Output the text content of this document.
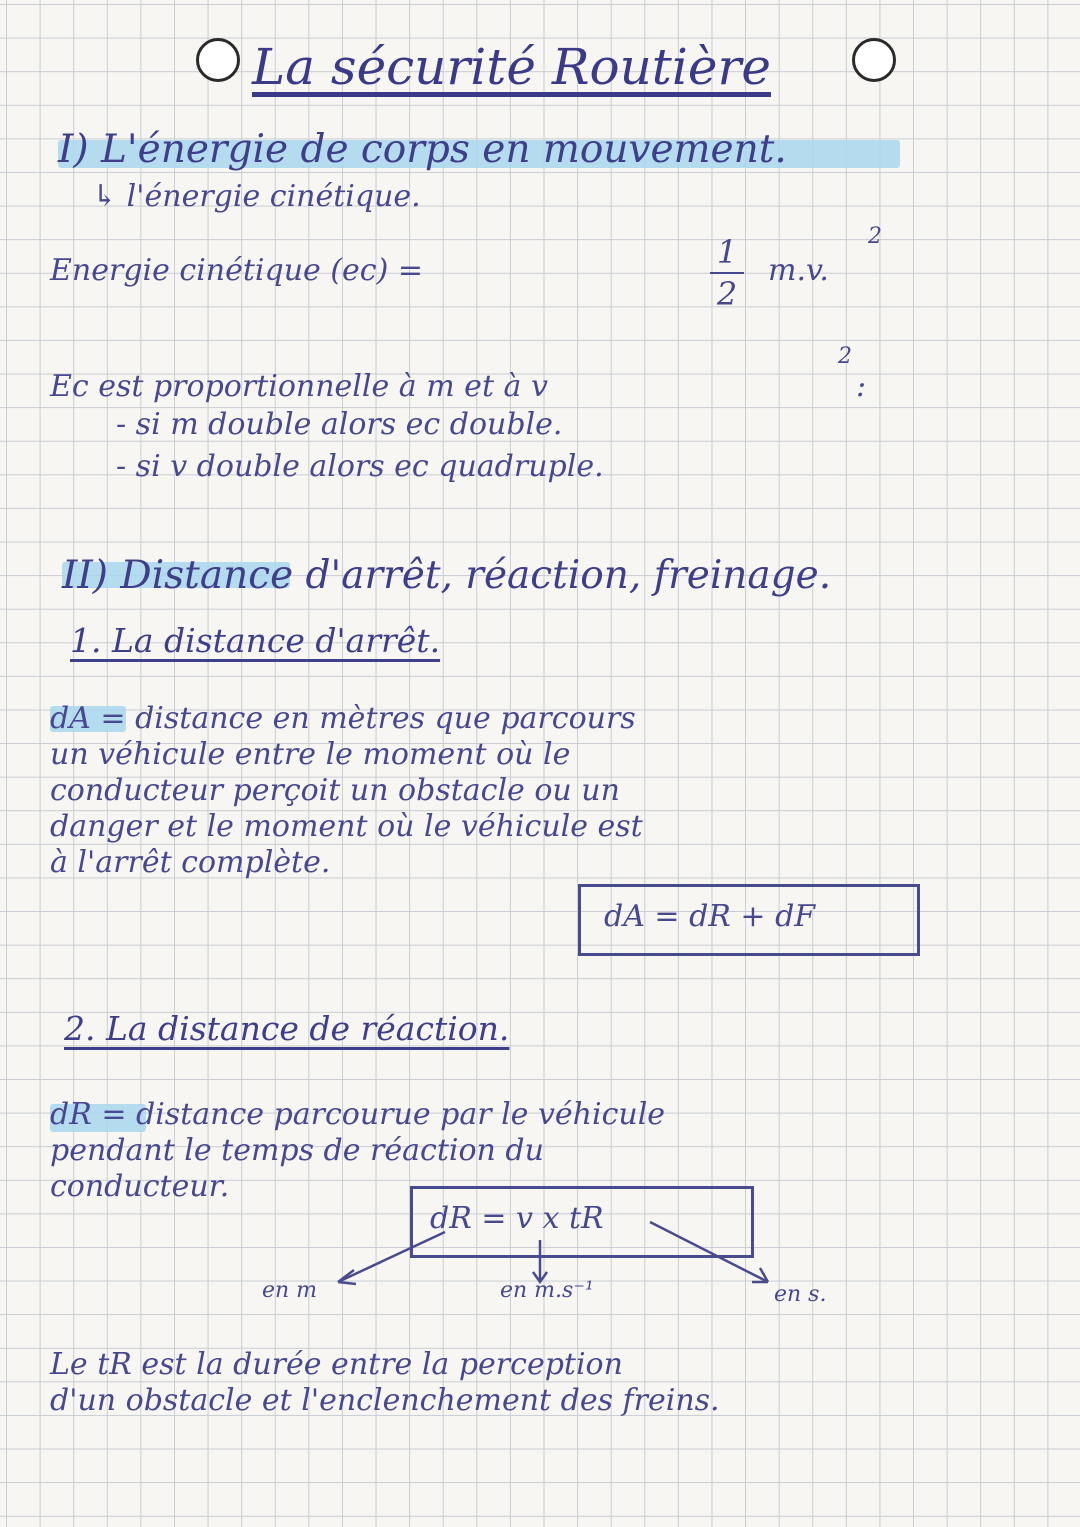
La sécurité Routière
I) L'énergie de corps en mouvement.
↳ l'énergie cinétique.
Energie cinétique (ec) =	1
2
m.v.
2
Ec est proportionnelle à m et à v
2
:
- si m double alors ec double.
- si v double alors ec quadruple.
II) Distance d'arrêt, réaction, freinage.
1. La distance d'arrêt.
dA = distance en mètres que parcours
un véhicule entre le moment où le
conducteur perçoit un obstacle ou un
danger et le moment où le véhicule est
à l'arrêt complète.
dA = dR + dF
2. La distance de réaction.
dR = distance parcourue par le véhicule
pendant le temps de réaction du
conducteur.
dR = v x tR
en m	en m.s⁻¹	en s.
Le tR est la durée entre la perception
d'un obstacle et l'enclenchement des freins.
